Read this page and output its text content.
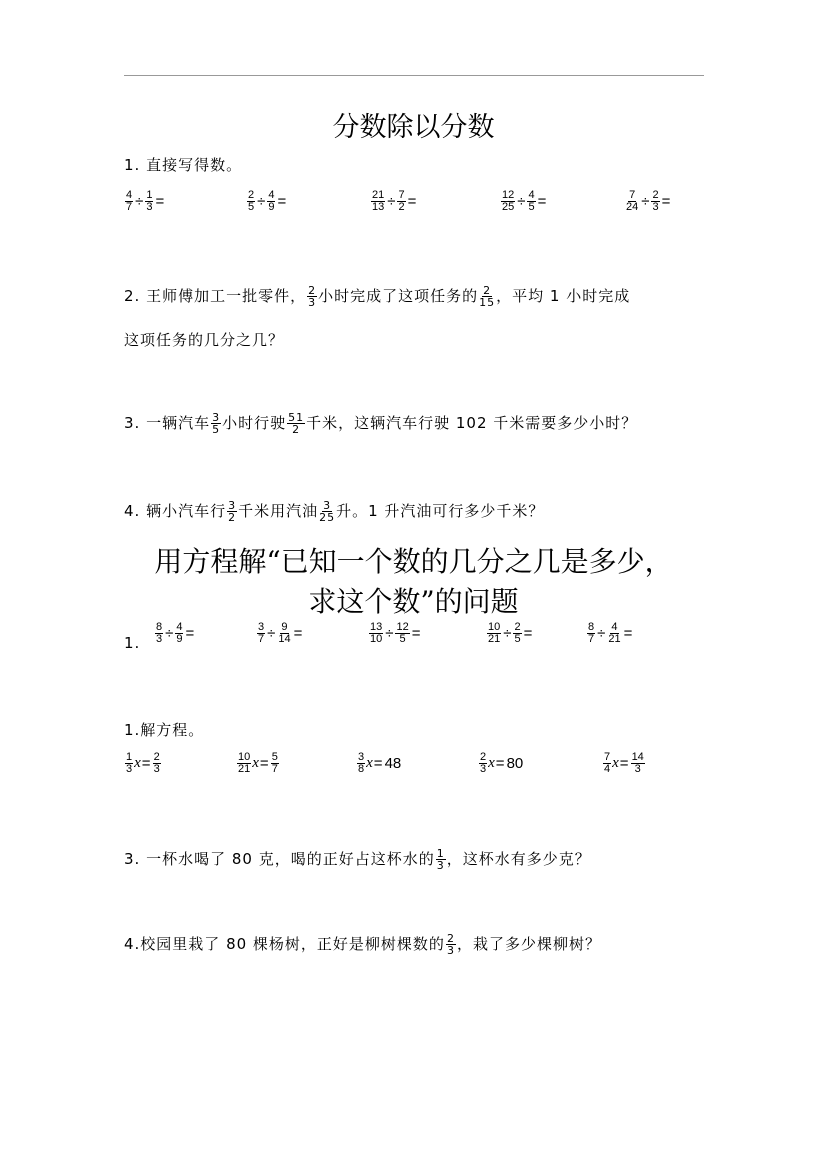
分数除以分数
1. 直接写得数。
$\frac{4}{7} \div \frac{1}{3}$ =	$\frac{2}{5} \div \frac{4}{9}$ =	$\frac{21}{13} \div \frac{7}{2}$ =	$\frac{12}{25} \div \frac{4}{5}$ =	$\frac{7}{24} \div \frac{2}{3}$ =
2. 王师傅加工一批零件， $\frac{2}{3}$ 小时完成了这项任务的 $\frac{2}{15}$ ，平均 1 小时完成
这项任务的几分之几？
3. 一辆汽车 $\frac{3}{5}$ 小时行驶 $\frac{51}{2}$ 千米，这辆汽车行驶 102 千米需要多少小时？
4. 辆小汽车行 $\frac{3}{2}$ 千米用汽油 $\frac{3}{25}$ 升。1 升汽油可行多少千米？
用方程解“已知一个数的几分之几是多少，
求这个数”的问题
1. $\frac{8}{3} \div \frac{4}{9}$ =	$\frac{3}{7} \div \frac{9}{14}$ =	$\frac{13}{10} \div \frac{12}{5}$ =	$\frac{10}{21} \div \frac{2}{5}$ =	$\frac{8}{7} \div \frac{4}{21}$ =
1.解方程。
$\frac{1}{3}$ $x = \frac{2}{3}$	$\frac{10}{21}$ $x = \frac{5}{7}$	$\frac{3}{8}$ x = 48	$\frac{2}{3}$ x = 80	$\frac{7}{4}$ $x = \frac{14}{3}$
3. 一杯水喝了 80 克，喝的正好占这杯水的 $\frac{1}{3}$ ，这杯水有多少克？
4.校园里栽了 80 棵杨树，正好是柳树棵数的 $\frac{2}{3}$ ，栽了多少棵柳树？
